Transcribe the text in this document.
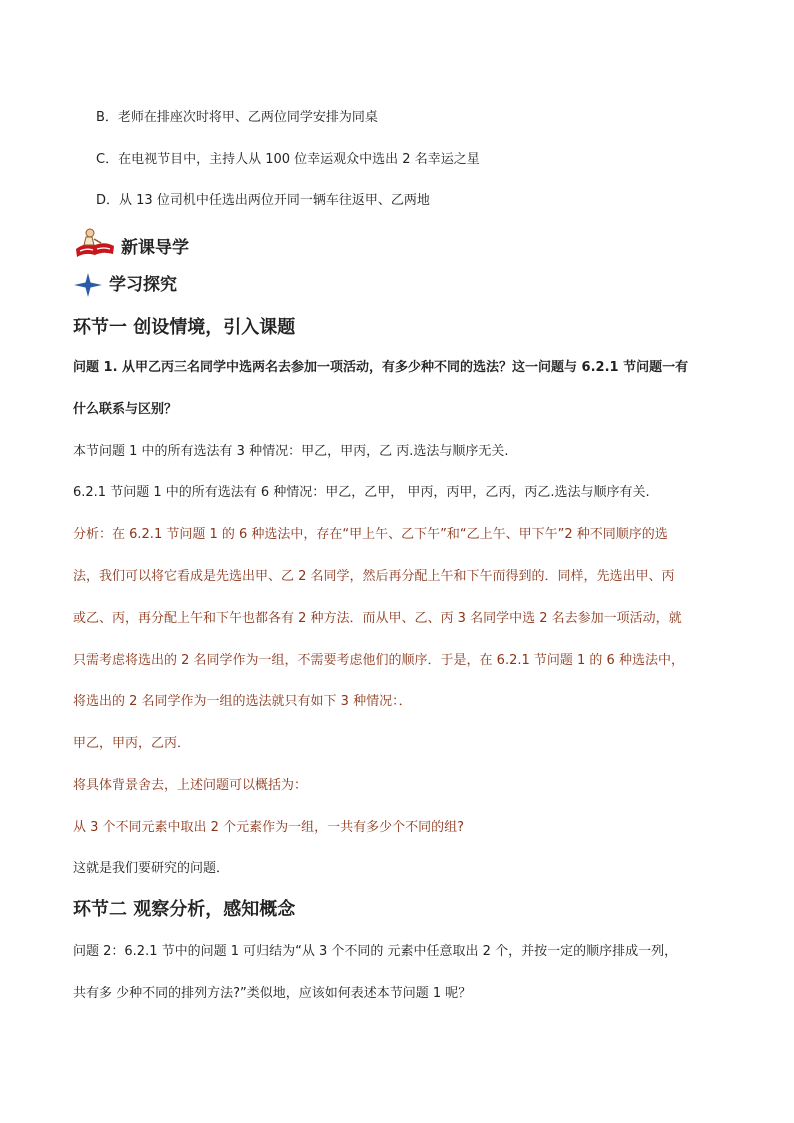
B．老师在排座次时将甲、乙两位同学安排为同桌
C．在电视节目中，主持人从 100 位幸运观众中选出 2 名幸运之星
D．从 13 位司机中任选出两位开同一辆车往返甲、乙两地
新课导学
学习探究
环节一 创设情境，引入课题
问题 1. 从甲乙丙三名同学中选两名去参加一项活动，有多少种不同的选法？这一问题与 6.2.1 节问题一有
什么联系与区别？
本节问题 1 中的所有选法有 3 种情况：甲乙，甲丙，乙 丙.选法与顺序无关.
6.2.1 节问题 1 中的所有选法有 6 种情况：甲乙，乙甲， 甲丙，丙甲，乙丙，丙乙.选法与顺序有关.
分析：在 6.2.1 节问题 1 的 6 种选法中，存在“甲上午、乙下午”和“乙上午、甲下午”2 种不同顺序的选
法，我们可以将它看成是先选出甲、乙 2 名同学，然后再分配上午和下午而得到的．同样，先选出甲、丙
或乙、丙，再分配上午和下午也都各有 2 种方法．而从甲、乙、丙 3 名同学中选 2 名去参加一项活动，就
只需考虑将选出的 2 名同学作为一组，不需要考虑他们的顺序．于是，在 6.2.1 节问题 1 的 6 种选法中，
将选出的 2 名同学作为一组的选法就只有如下 3 种情况：．
甲乙，甲丙，乙丙．
将具体背景舍去，上述问题可以概括为：
从 3 个不同元素中取出 2 个元素作为一组，一共有多少个不同的组?
这就是我们要研究的问题．
环节二 观察分析，感知概念
问题 2：6.2.1 节中的问题 1 可归结为“从 3 个不同的 元素中任意取出 2 个，并按一定的顺序排成一列，
共有多 少种不同的排列方法?”类似地，应该如何表述本节问题 1 呢？
